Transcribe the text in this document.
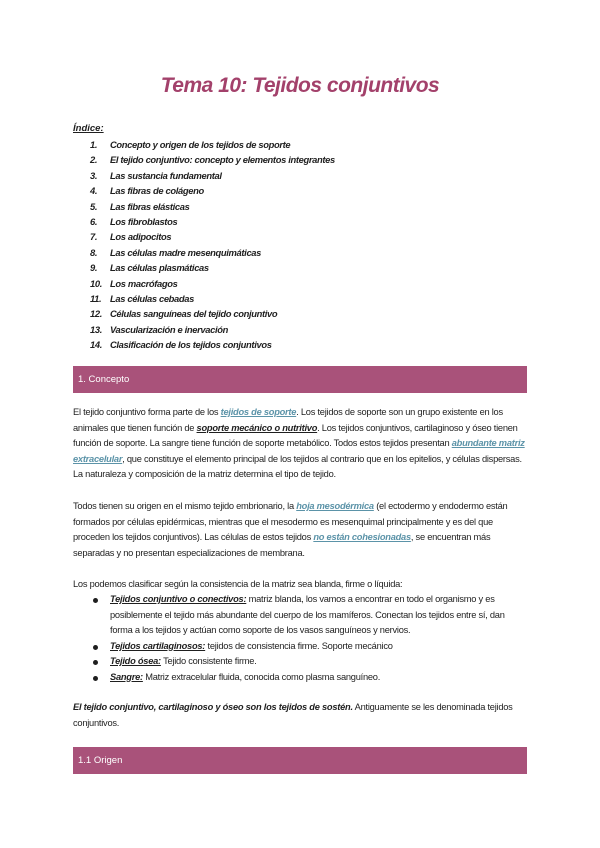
Tema 10: Tejidos conjuntivos
Índice:
1. Concepto y origen de los tejidos de soporte
2. El tejido conjuntivo: concepto y elementos integrantes
3. Las sustancia fundamental
4. Las fibras de colágeno
5. Las fibras elásticas
6. Los fibroblastos
7. Los adipocitos
8. Las células madre mesenquimáticas
9. Las células plasmáticas
10. Los macrófagos
11. Las células cebadas
12. Células sanguíneas del tejido conjuntivo
13. Vascularización e inervación
14. Clasificación de los tejidos conjuntivos
1. Concepto

El tejido conjuntivo forma parte de los tejidos de soporte. Los tejidos de soporte son un grupo existente en los animales que tienen función de soporte mecánico o nutritivo. Los tejidos conjuntivos, cartilaginoso y óseo tienen función de soporte. La sangre tiene función de soporte metabólico. Todos estos tejidos presentan abundante matriz extracelular, que constituye el elemento principal de los tejidos al contrario que en los epitelios, y células dispersas. La naturaleza y composición de la matriz determina el tipo de tejido.

Todos tienen su origen en el mismo tejido embrionario, la hoja mesodérmica (el ectodermo y endodermo están formados por células epidérmicas, mientras que el mesodermo es mesenquimal principalmente y es del que proceden los tejidos conjuntivos). Las células de estos tejidos no están cohesionadas, se encuentran más separadas y no presentan especializaciones de membrana.

Los podemos clasificar según la consistencia de la matriz sea blanda, firme o líquida:

Tejidos conjuntivo o conectivos: matriz blanda, los vamos a encontrar en todo el organismo y es posiblemente el tejido más abundante del cuerpo de los mamíferos. Conectan los tejidos entre sí, dan forma a los tejidos y actúan como soporte de los vasos sanguíneos y nervios.
Tejidos cartilaginosos: tejidos de consistencia firme. Soporte mecánico
Tejido ósea: Tejido consistente firme.
Sangre: Matriz extracelular fluida, conocida como plasma sanguíneo.

El tejido conjuntivo, cartilaginoso y óseo son los tejidos de sostén. Antiguamente se les denominada tejidos conjuntivos.

1.1 Origen
